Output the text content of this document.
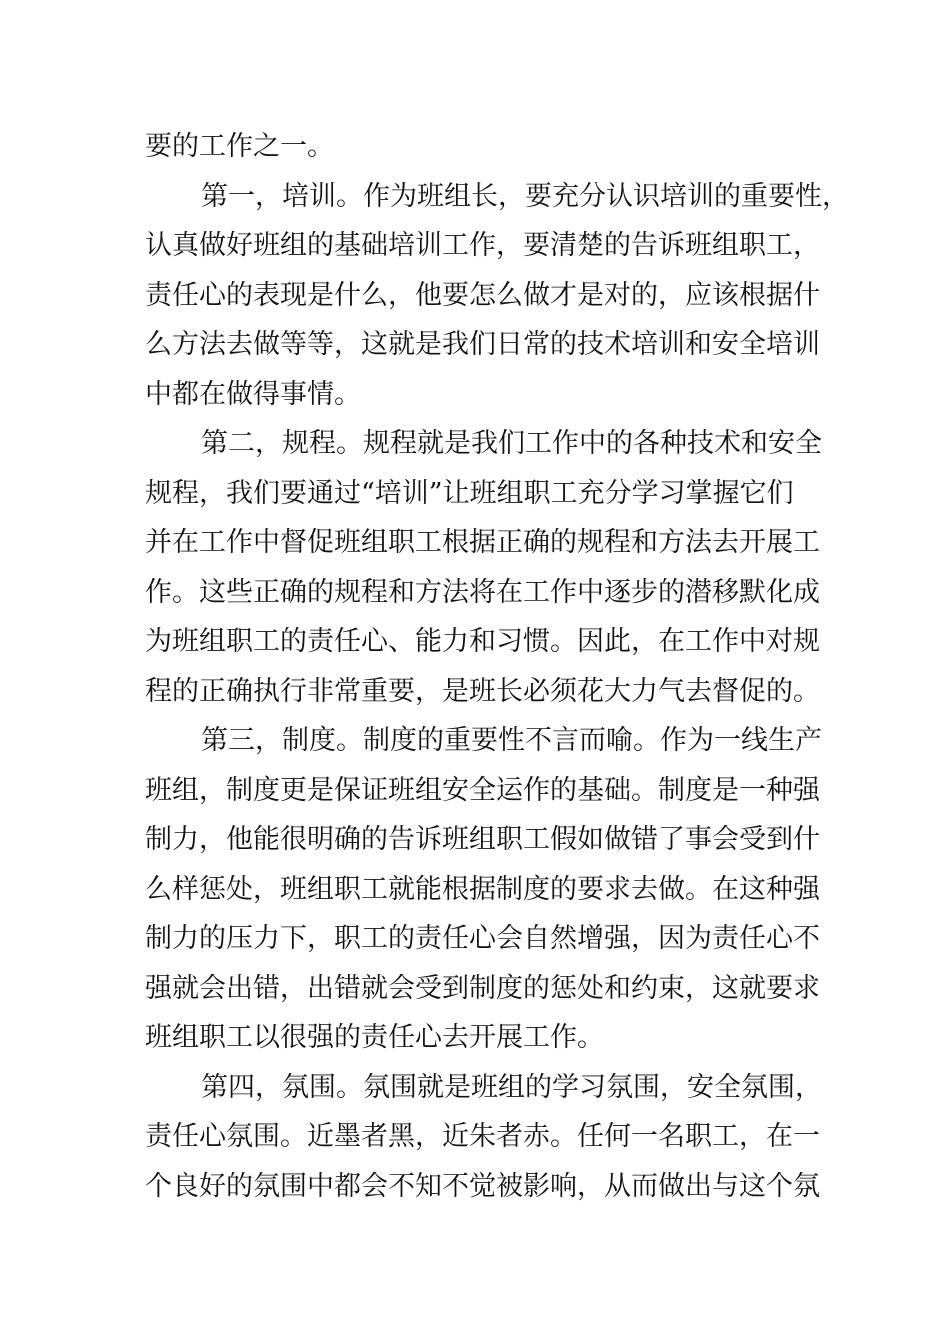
要的工作之一。
第一，培训。作为班组长，要充分认识培训的重要性，
认真做好班组的基础培训工作，要清楚的告诉班组职工，
责任心的表现是什么，他要怎么做才是对的，应该根据什
么方法去做等等，这就是我们日常的技术培训和安全培训
中都在做得事情。
第二，规程。规程就是我们工作中的各种技术和安全
规程，我们要通过“培训”让班组职工充分学习掌握它们
并在工作中督促班组职工根据正确的规程和方法去开展工
作。这些正确的规程和方法将在工作中逐步的潜移默化成
为班组职工的责任心、能力和习惯。因此，在工作中对规
程的正确执行非常重要，是班长必须花大力气去督促的。
第三，制度。制度的重要性不言而喻。作为一线生产
班组，制度更是保证班组安全运作的基础。制度是一种强
制力，他能很明确的告诉班组职工假如做错了事会受到什
么样惩处，班组职工就能根据制度的要求去做。在这种强
制力的压力下，职工的责任心会自然增强，因为责任心不
强就会出错，出错就会受到制度的惩处和约束，这就要求
班组职工以很强的责任心去开展工作。
第四，氛围。氛围就是班组的学习氛围，安全氛围，
责任心氛围。近墨者黑，近朱者赤。任何一名职工，在一
个良好的氛围中都会不知不觉被影响，从而做出与这个氛
